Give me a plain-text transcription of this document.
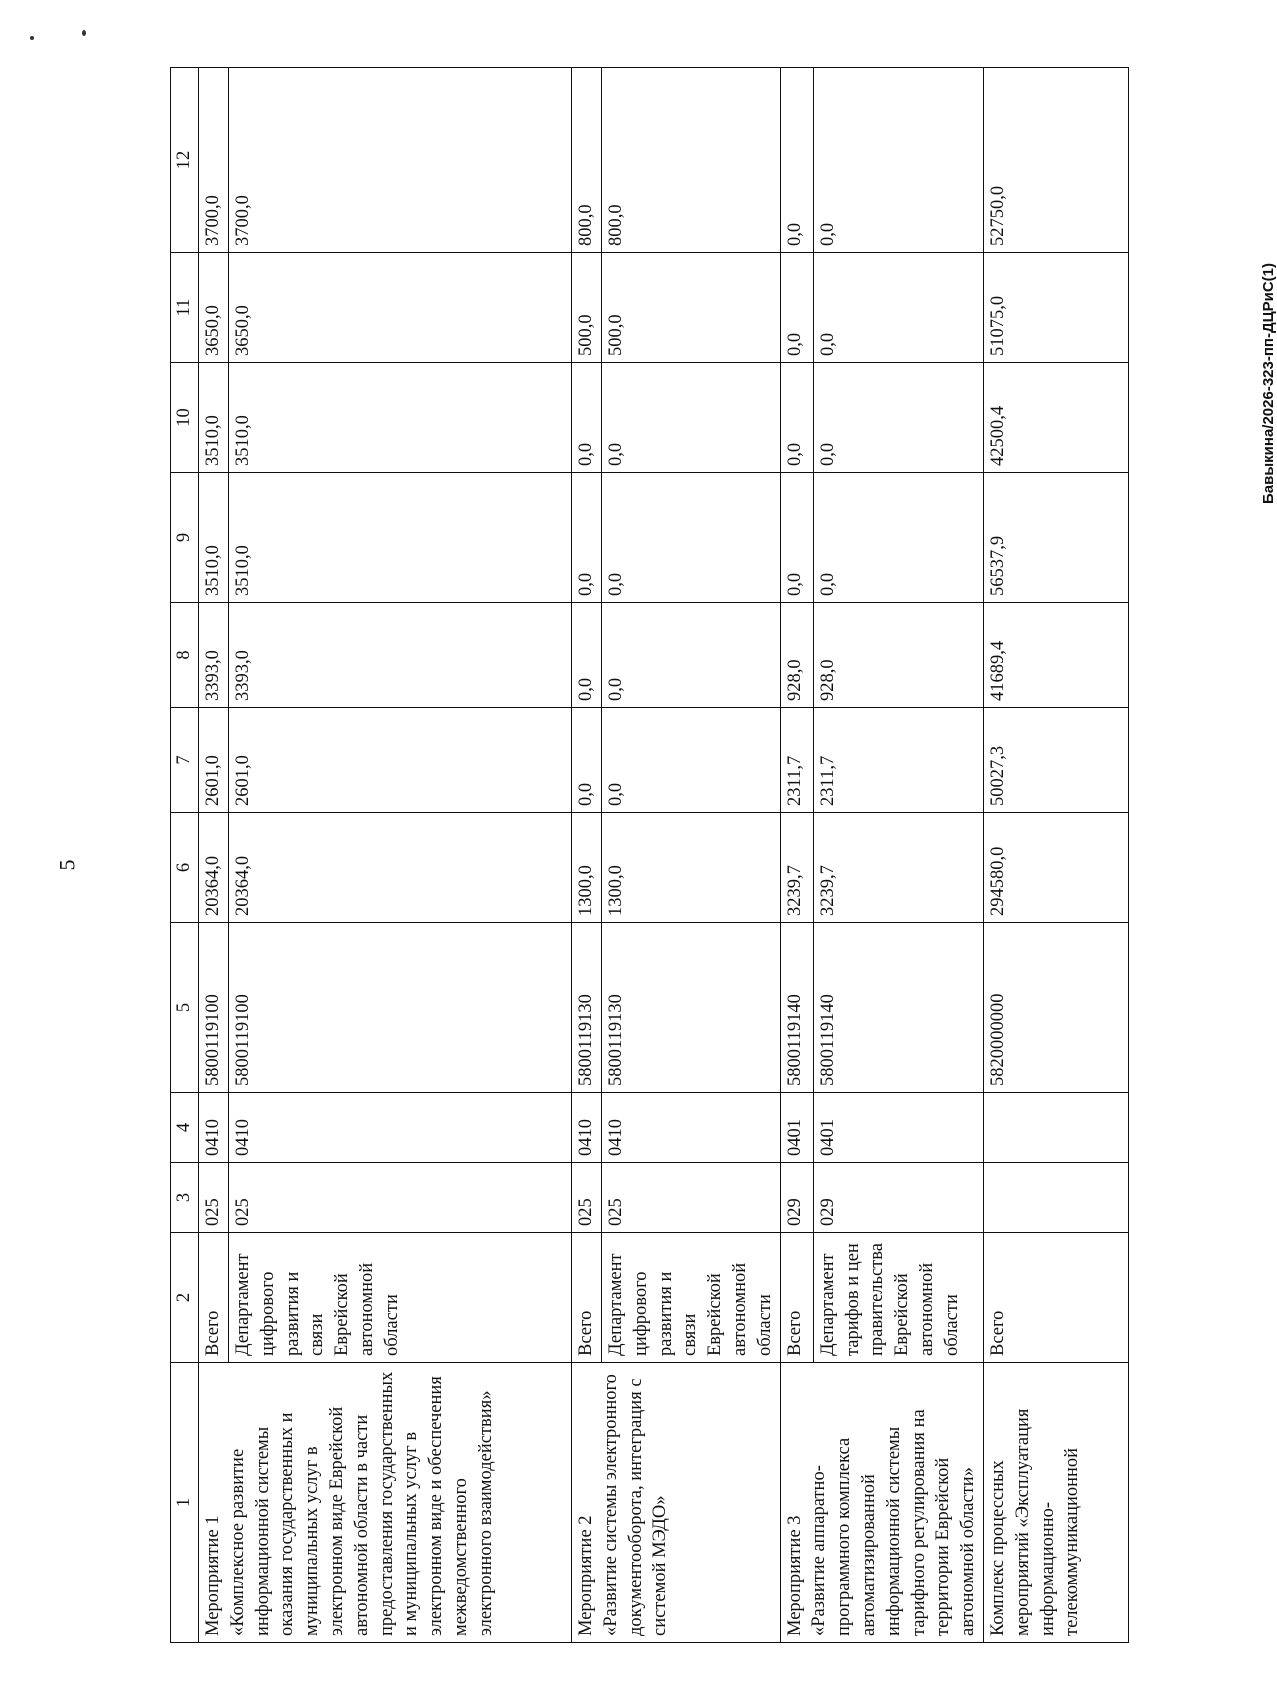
5
1	2	3	4	5	6	7	8	9	10	11	12
Мероприятие 1
«Комплексное развитие информационной системы оказания государственных и муниципальных услуг в электронном виде Еврейской автономной области в части предоставления государственных и муниципальных услуг в электронном виде и обеспечения межведомственного электронного взаимодействия»	Всего	025	0410	5800119100	20364,0	2601,0	3393,0	3510,0	3510,0	3650,0	3700,0
	Департамент цифрового развития и связи Еврейской автономной области	025	0410	5800119100	20364,0	2601,0	3393,0	3510,0	3510,0	3650,0	3700,0
Мероприятие 2
«Развитие системы электронного документооборота, интеграция с системой МЭДО»	Всего	025	0410	5800119130	1300,0	0,0	0,0	0,0	0,0	500,0	800,0
	Департамент цифрового развития и связи Еврейской автономной области	025	0410	5800119130	1300,0	0,0	0,0	0,0	0,0	500,0	800,0
Мероприятие 3
«Развитие аппаратно-программного комплекса автоматизированной информационной системы тарифного регулирования на территории Еврейской автономной области»	Всего	029	0401	5800119140	3239,7	2311,7	928,0	0,0	0,0	0,0	0,0
	Департамент тарифов и цен правительства Еврейской автономной области	029	0401	5800119140	3239,7	2311,7	928,0	0,0	0,0	0,0	0,0
Комплекс процессных мероприятий «Эксплуатация информационно-телекоммуникационной	Всего			5820000000	294580,0	50027,3	41689,4	56537,9	42500,4	51075,0	52750,0
Бавыкина/2026-323-пп-ДЦРиС(1)
